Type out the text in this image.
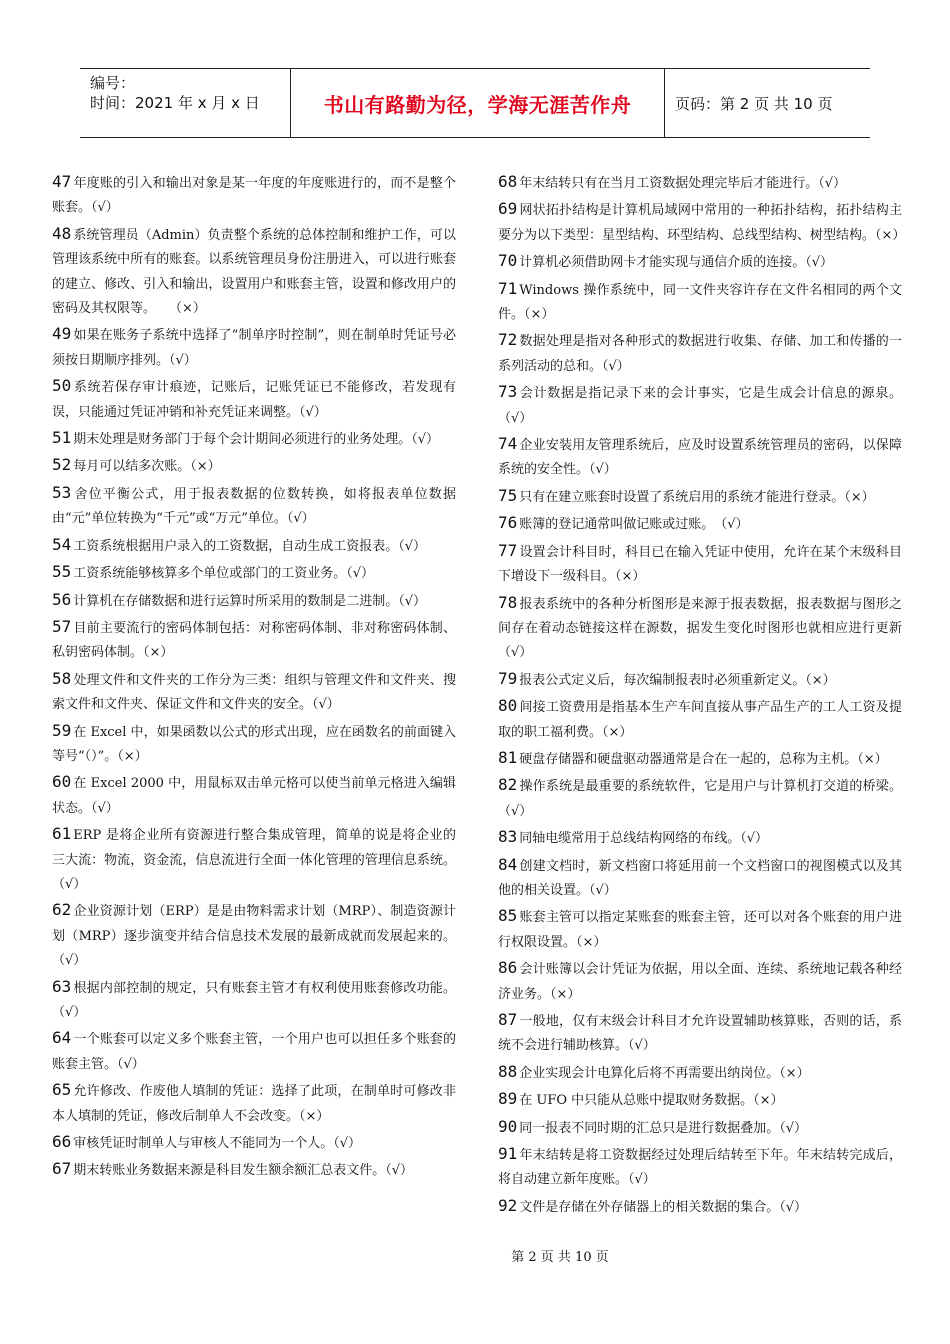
编号：
时间：2021 年 x 月 x 日	书山有路勤为径，学海无涯苦作舟	页码：第 2 页 共 10 页
47 年度账的引入和输出对象是某一年度的年度账进行的，而不是整个账套。（√）
48 系统管理员（Admin）负责整个系统的总体控制和维护工作，可以管理该系统中所有的账套。以系统管理员身份注册进入，可以进行账套的建立、修改、引入和输出，设置用户和账套主管，设置和修改用户的密码及其权限等。　　（×）
49 如果在账务子系统中选择了“制单序时控制”，则在制单时凭证号必须按日期顺序排列。（√）
50 系统若保存审计痕迹，记账后，记账凭证已不能修改，若发现有误，只能通过凭证冲销和补充凭证来调整。（√）
51 期末处理是财务部门于每个会计期间必须进行的业务处理。（√）
52 每月可以结多次账。（×）
53 舍位平衡公式，用于报表数据的位数转换，如将报表单位数据由“元”单位转换为“千元”或“万元”单位。（√）
54 工资系统根据用户录入的工资数据，自动生成工资报表。（√）
55 工资系统能够核算多个单位或部门的工资业务。（√）
56 计算机在存储数据和进行运算时所采用的数制是二进制。（√）
57 目前主要流行的密码体制包括：对称密码体制、非对称密码体制、私钥密码体制。（×）
58 处理文件和文件夹的工作分为三类：组织与管理文件和文件夹、搜索文件和文件夹、保证文件和文件夹的安全。（√）
59 在 Excel 中，如果函数以公式的形式出现，应在函数名的前面键入等号“（）”。（×）
60 在 Excel 2000 中，用鼠标双击单元格可以使当前单元格进入编辑状态。（√）
61 ERP 是将企业所有资源进行整合集成管理，简单的说是将企业的三大流：物流，资金流，信息流进行全面一体化管理的管理信息系统。（√）
62 企业资源计划（ERP）是是由物料需求计划（MRP）、制造资源计划（MRP）逐步演变并结合信息技术发展的最新成就而发展起来的。（√）
63 根据内部控制的规定，只有账套主管才有权利使用账套修改功能。（√）
64 一个账套可以定义多个账套主管，一个用户也可以担任多个账套的账套主管。（√）
65 允许修改、作废他人填制的凭证：选择了此项，在制单时可修改非本人填制的凭证，修改后制单人不会改变。（×）
66 审核凭证时制单人与审核人不能同为一个人。（√）
67 期末转账业务数据来源是科目发生额余额汇总表文件。（√）
68 年末结转只有在当月工资数据处理完毕后才能进行。（√）
69 网状拓扑结构是计算机局域网中常用的一种拓扑结构，拓扑结构主要分为以下类型：星型结构、环型结构、总线型结构、树型结构。（×）
70 计算机必须借助网卡才能实现与通信介质的连接。（√）
71 Windows 操作系统中，同一文件夹容许存在文件名相同的两个文件。（×）
72 数据处理是指对各种形式的数据进行收集、存储、加工和传播的一系列活动的总和。（√）
73 会计数据是指记录下来的会计事实，它是生成会计信息的源泉。（√）
74 企业安装用友管理系统后，应及时设置系统管理员的密码，以保障系统的安全性。（√）
75 只有在建立账套时设置了系统启用的系统才能进行登录。（×）
76 账簿的登记通常叫做记账或过账。　（√）
77 设置会计科目时，科目已在输入凭证中使用，允许在某个末级科目下增设下一级科目。（×）
78 报表系统中的各种分析图形是来源于报表数据，报表数据与图形之间存在着动态链接这样在源数，据发生变化时图形也就相应进行更新　（√）
79 报表公式定义后，每次编制报表时必须重新定义。（×）
80 间接工资费用是指基本生产车间直接从事产品生产的工人工资及提取的职工福利费。（×）
81 硬盘存储器和硬盘驱动器通常是合在一起的，总称为主机。（×）
82 操作系统是最重要的系统软件，它是用户与计算机打交道的桥梁。（√）
83 同轴电缆常用于总线结构网络的布线。（√）
84 创建文档时，新文档窗口将延用前一个文档窗口的视图模式以及其他的相关设置。（√）
85 账套主管可以指定某账套的账套主管，还可以对各个账套的用户进行权限设置。（×）
86 会计账簿以会计凭证为依据，用以全面、连续、系统地记载各种经济业务。（×）
87 一般地，仅有末级会计科目才允许设置辅助核算账，否则的话，系统不会进行辅助核算。（√）
88 企业实现会计电算化后将不再需要出纳岗位。（×）
89 在 UFO 中只能从总账中提取财务数据。（×）
90 同一报表不同时期的汇总只是进行数据叠加。（√）
91 年末结转是将工资数据经过处理后结转至下年。年末结转完成后，将自动建立新年度账。（√）
92 文件是存储在外存储器上的相关数据的集合。（√）
第 2 页 共 10 页
